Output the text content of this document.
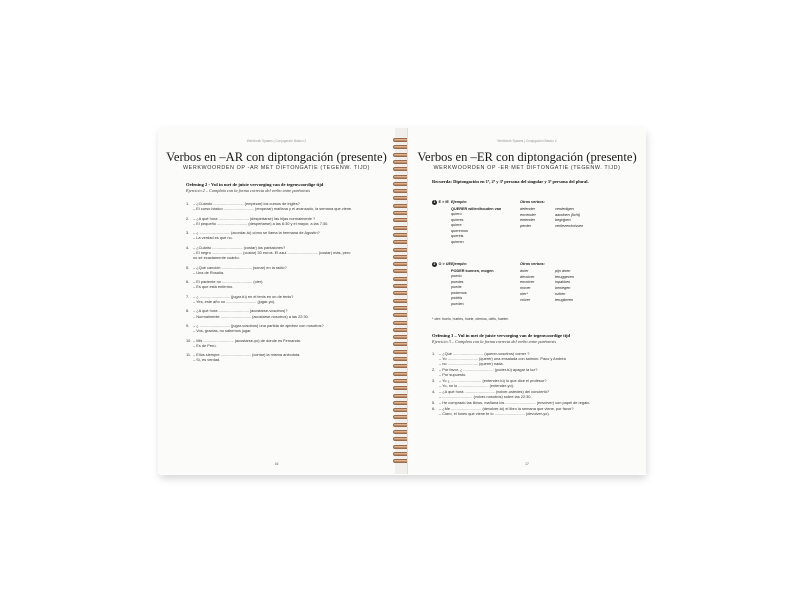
Werkboek Spaans | Conjugación Básico 2
Verbos en –AR con diptongación (presente)
WERKWOORDEN OP -AR MET DIFTONGATIE (TEGENW. TIJD)
Oefening 2 - Vul in met de juiste vervoeging van de tegenwoordige tijd
Ejercicio 2 – Completa con la forma correcta del verbo entre paréntesis
1. – ¿Cuándo ............................ (empezar) los cursos de inglés?
– El curso básico ............................ (empezar) mañana y el avanzado, la semana que viene.
2. – ¿A qué hora ............................ (despertarse) las hijas normalmente ?
– El pequeño ............................ (despertarse) a las 6:30 y el mayor, a las 7:30.
3. – ¿ ............................ (acordar-tú) cómo se llama la hermana de Agustín?
– La verdad es que no.
4. – ¿Cuánto ............................ (costar) los pantalones?
– El negro ............................ (costar) 30 euros. El azul ............................ (costar) más, pero
no sé exactamente cuánto.
5. – ¿Qué canción ............................ (sonar) en la radio?
– Una de Rosalía.
6. – El paciente no ............................ (oler).
– Es que está enfermo.
7. – ¿ ............................ (jugar-tú) en el tenis en un de tenis?
– Yes, este año no ............................ (jugar-yo).
8. – ¿A qué hora ............................ (acostarse-vosotros)?
– Normalmente ............................ (acostarse-nosotros) a las 22:30.
9. – ¿ ............................ (jugar-vosotros) una partida de ajedrez con nosotros?
– Vos, gracias, no sabemos jugar.
10. – Mis ............................ (acostarse-yo) de dónde es Fernanda.
– Es de Perú.
11. – Ellos siempre ............................ (contar) la misma anécdota.
– Sí, es verdad.
16
Werkboek Spaans | Conjugación Básico 2
Verbos en –ER con diptongación (presente)
WERKWOORDEN OP -ER MET DIFTONGATIE (TEGENW. TIJD)
Recuerda: Diptongación en 1ª, 2ª y 3ª persona del singular y 3ª persona del plural.
1 E > IE Ejemplo:	Otros verbos:
QUERER willen/houden van
quiero
quieres
quiere
queremos
queréis
quieren
defender
encender
entender
perder
verdedigen
aandoen (licht)
begrijpen
verliezen/missen
2 O > UE Ejemplo:	Otros verbos:
PODER kunnen, mogen
puedo
puedes
puede
podemos
podéis
pueden
doler
devolver
envolver
mover
oler*
volver
pijn doen
teruggeven
inpakken
bewegen
ruiken
terugkeren
* oler: huelo, hueles, huele, olemos, oléis, huelen
Oefening 3 – Vul in met de juiste vervoeging van de tegenwoordige tijd
Ejercicio 3 – Completa con la forma correcta del verbo entre paréntesis
1. – ¿Qué ............................ (querer-vosotros) comer ?
– Yo ............................ (querer) una ensalada con salmón. Paco y Andrea
– no ............................ (querer) nada.
2. – Por favor, ¿ ............................ (poder-tú) apagar la luz?
– Por supuesto.
3. – Yo ¿ ............................ (entender-tú) lo que dice el profesor?
– Yo, no lo ............................ (entender-yo).
4. – ¿A qué hora ............................ (volver-ustedes) del concierto?
– ............................ (volver-nosotros) sobre las 22:30.
5. – He comprado las libros, mañana los ............................ (envolver) con papel de regalo.
6. – ¿Me ............................ (devolver-tú) el libro la semana que viene, por favor?
– Claro, el lunes que viene te lo ............................ (devolver-yo).
17
